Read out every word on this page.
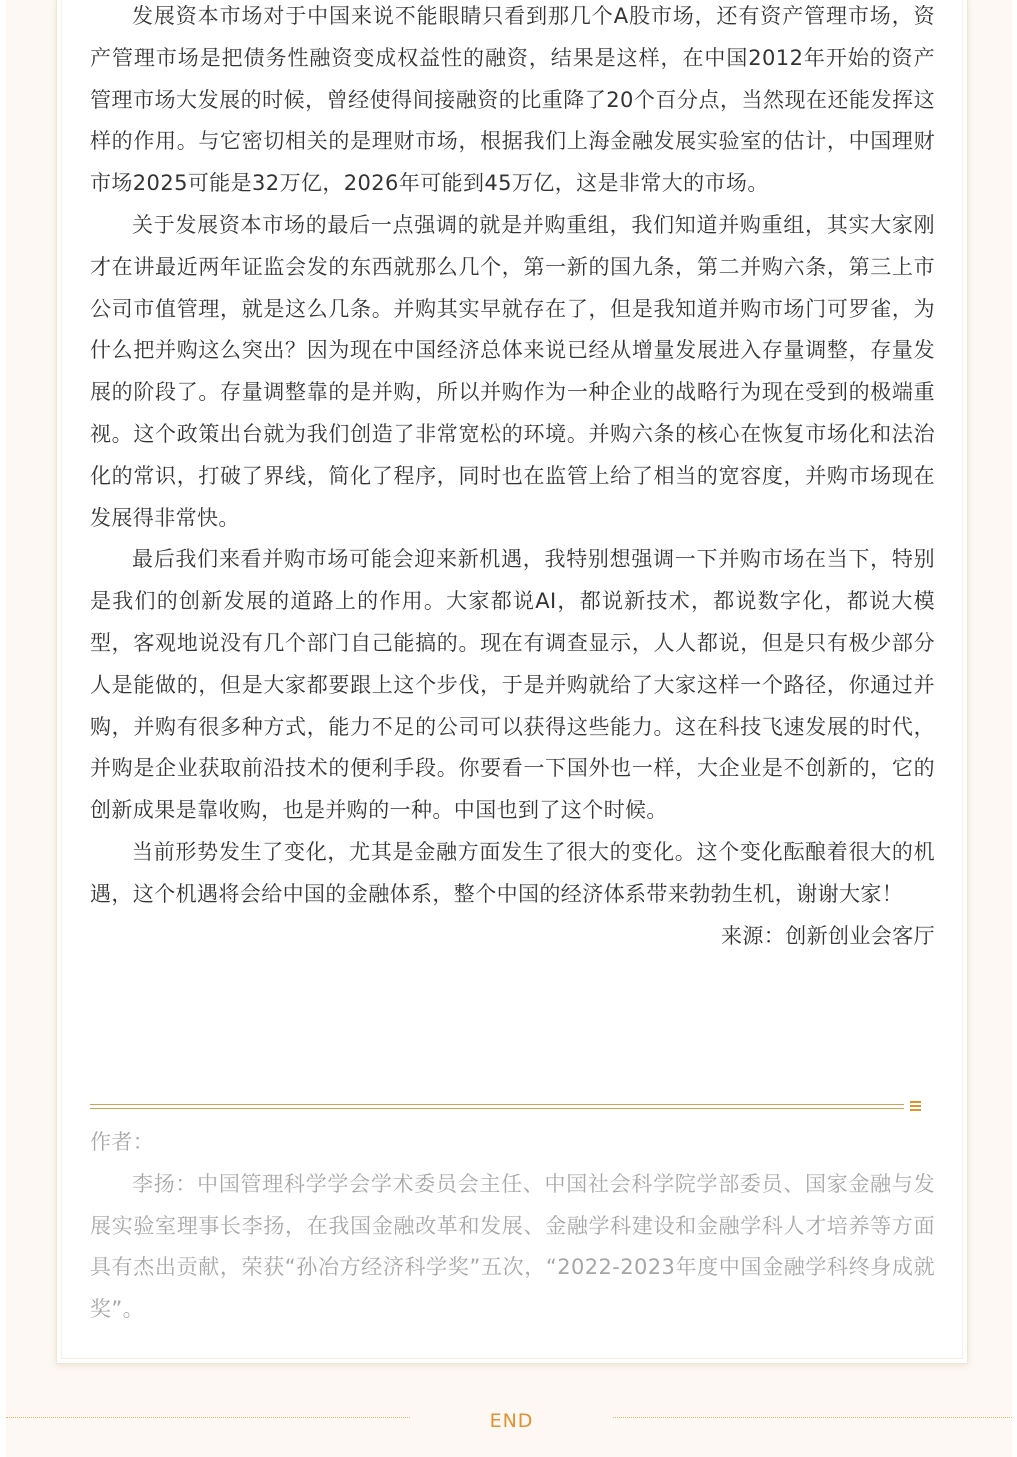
发展资本市场对于中国来说不能眼睛只看到那几个A股市场，还有资产管理市场，资产管理市场是把债务性融资变成权益性的融资，结果是这样，在中国2012年开始的资产管理市场大发展的时候，曾经使得间接融资的比重降了20个百分点，当然现在还能发挥这样的作用。与它密切相关的是理财市场，根据我们上海金融发展实验室的估计，中国理财市场2025可能是32万亿，2026年可能到45万亿，这是非常大的市场。

关于发展资本市场的最后一点强调的就是并购重组，我们知道并购重组，其实大家刚才在讲最近两年证监会发的东西就那么几个，第一新的国九条，第二并购六条，第三上市公司市值管理，就是这么几条。并购其实早就存在了，但是我知道并购市场门可罗雀，为什么把并购这么突出？因为现在中国经济总体来说已经从增量发展进入存量调整，存量发展的阶段了。存量调整靠的是并购，所以并购作为一种企业的战略行为现在受到的极端重视。这个政策出台就为我们创造了非常宽松的环境。并购六条的核心在恢复市场化和法治化的常识，打破了界线，简化了程序，同时也在监管上给了相当的宽容度，并购市场现在发展得非常快。

最后我们来看并购市场可能会迎来新机遇，我特别想强调一下并购市场在当下，特别是我们的创新发展的道路上的作用。大家都说AI，都说新技术，都说数字化，都说大模型，客观地说没有几个部门自己能搞的。现在有调查显示，人人都说，但是只有极少部分人是能做的，但是大家都要跟上这个步伐，于是并购就给了大家这样一个路径，你通过并购，并购有很多种方式，能力不足的公司可以获得这些能力。这在科技飞速发展的时代，并购是企业获取前沿技术的便利手段。你要看一下国外也一样，大企业是不创新的，它的创新成果是靠收购，也是并购的一种。中国也到了这个时候。

当前形势发生了变化，尤其是金融方面发生了很大的变化。这个变化酝酿着很大的机遇，这个机遇将会给中国的金融体系，整个中国的经济体系带来勃勃生机，谢谢大家！

来源：创新创业会客厅

作者：

李扬：中国管理科学学会学术委员会主任、中国社会科学院学部委员、国家金融与发展实验室理事长李扬，在我国金融改革和发展、金融学科建设和金融学科人才培养等方面具有杰出贡献，荣获“孙冶方经济科学奖”五次，“2022-2023年度中国金融学科终身成就奖”。

END
